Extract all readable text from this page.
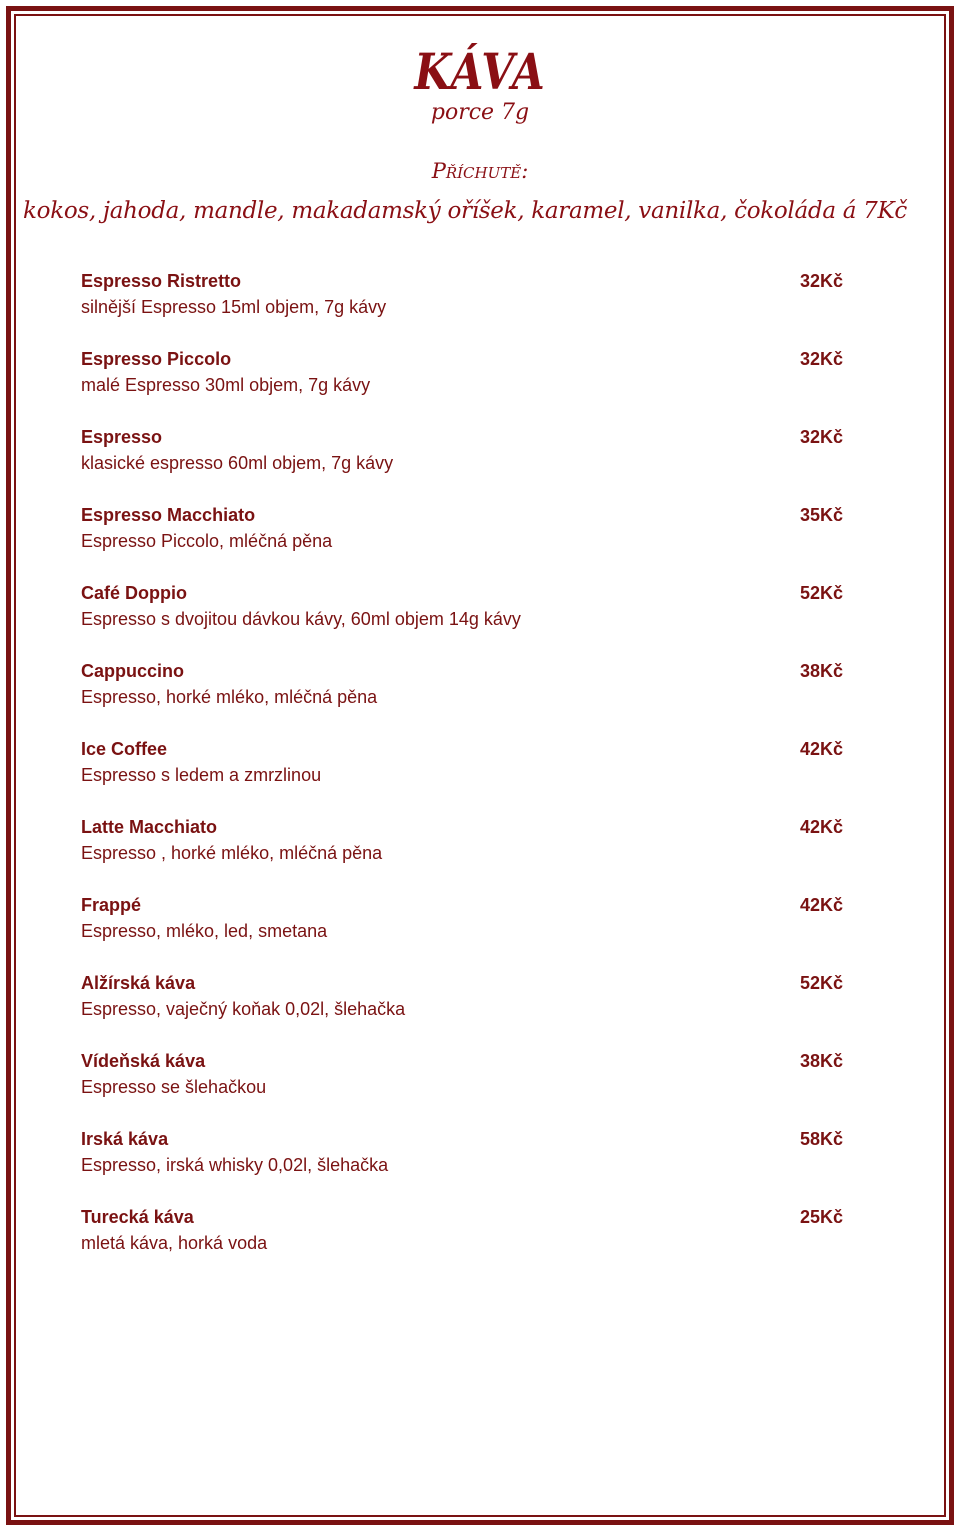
KÁVA
porce 7g
Příchutě:
kokos, jahoda, mandle, makadamský oříšek, karamel, vanilka, čokoláda á 7Kč
Espresso Ristretto
silnější Espresso 15ml objem, 7g kávy
32Kč
Espresso Piccolo
malé Espresso 30ml objem, 7g kávy
32Kč
Espresso
klasické espresso 60ml objem, 7g kávy
32Kč
Espresso Macchiato
Espresso Piccolo, mléčná pěna
35Kč
Café Doppio
Espresso s dvojitou dávkou kávy, 60ml objem 14g kávy
52Kč
Cappuccino
Espresso, horké mléko, mléčná pěna
38Kč
Ice Coffee
Espresso s ledem a zmrzlinou
42Kč
Latte Macchiato
Espresso , horké mléko, mléčná pěna
42Kč
Frappé
Espresso, mléko, led, smetana
42Kč
Alžírská káva
Espresso, vaječný koňak 0,02l, šlehačka
52Kč
Vídeňská káva
Espresso se šlehačkou
38Kč
Irská káva
Espresso, irská whisky 0,02l, šlehačka
58Kč
Turecká káva
mletá káva, horká voda
25Kč
